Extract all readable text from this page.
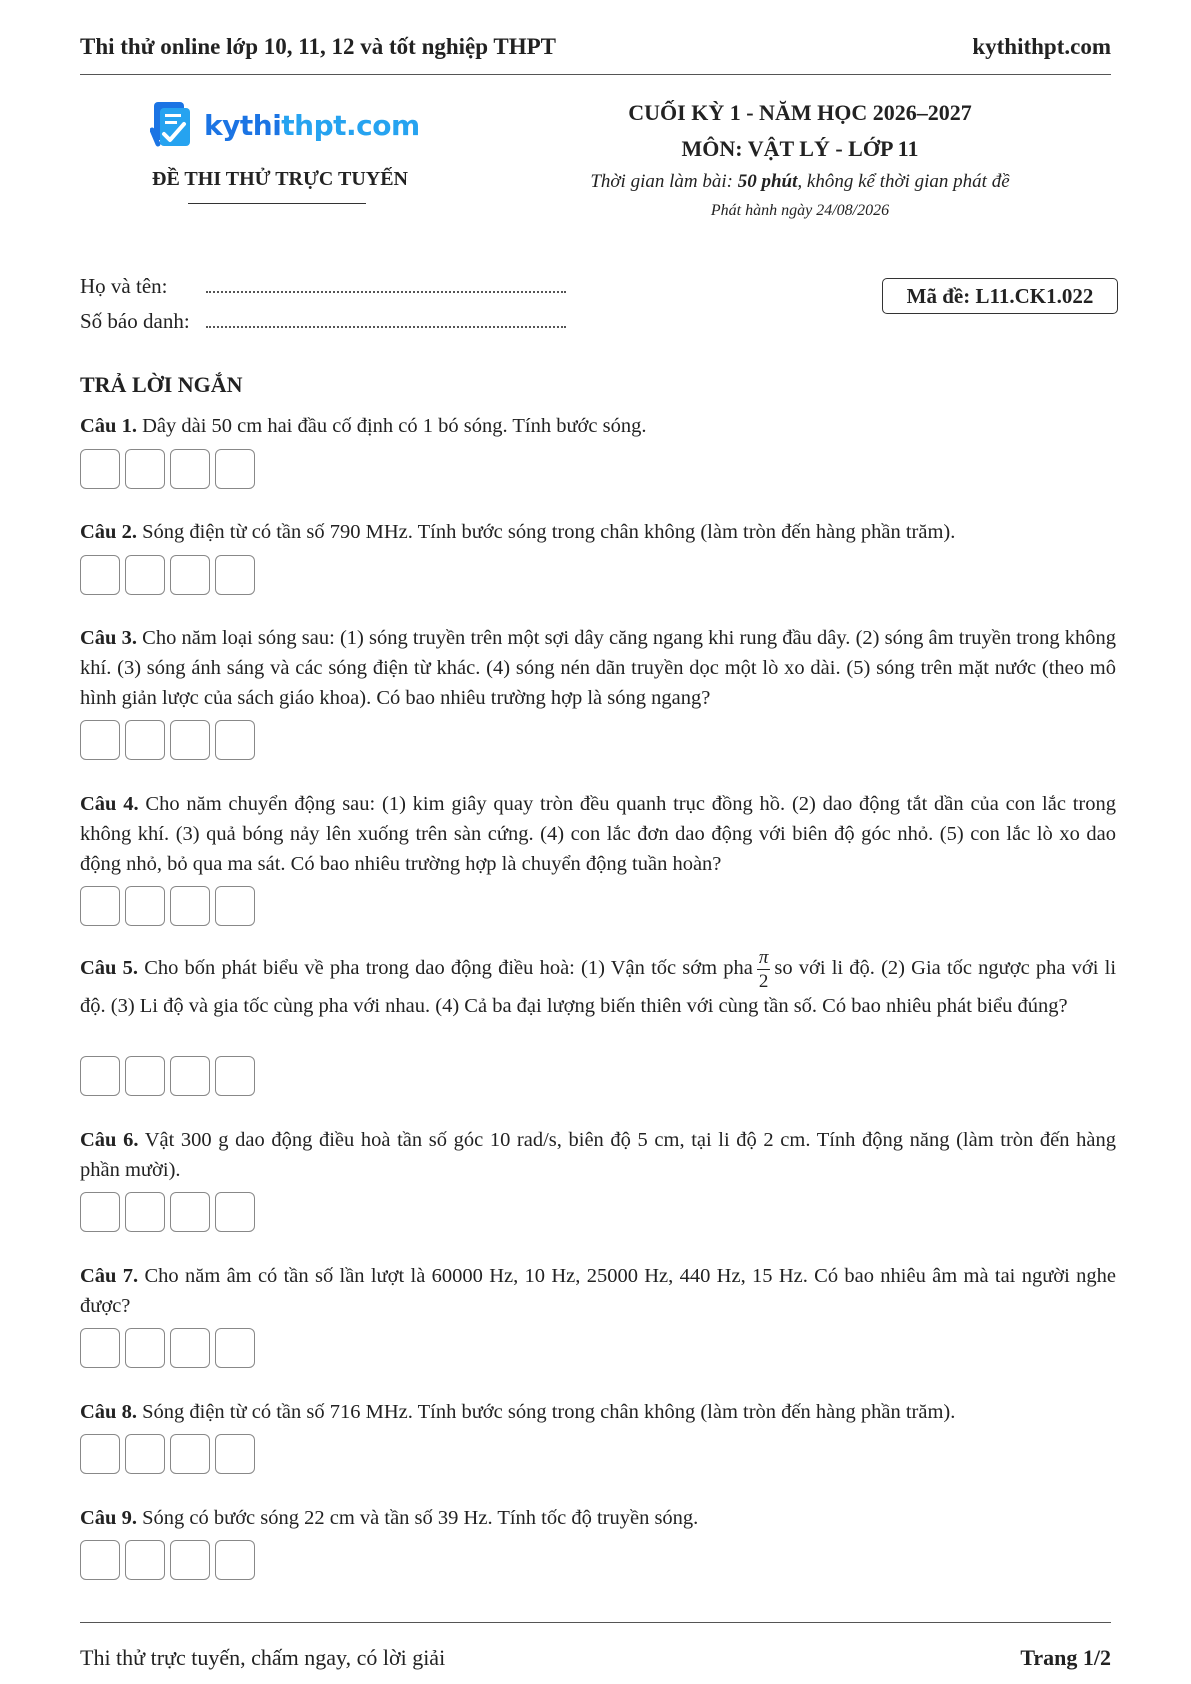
Thi thử online lớp 10, 11, 12 và tốt nghiệp THPT	kythithpt.com
kythithpt.com
ĐỀ THI THỬ TRỰC TUYẾN
CUỐI KỲ 1 - NĂM HỌC 2026–2027
MÔN: VẬT LÝ - LỚP 11
Thời gian làm bài: 50 phút, không kể thời gian phát đề
Phát hành ngày 24/08/2026
Họ và tên:
Số báo danh:
Mã đề: L11.CK1.022
TRẢ LỜI NGẮN
Câu 1. Dây dài 50 cm hai đầu cố định có 1 bó sóng. Tính bước sóng.
Câu 2. Sóng điện từ có tần số 790 MHz. Tính bước sóng trong chân không (làm tròn đến hàng phần trăm).
Câu 3. Cho năm loại sóng sau: (1) sóng truyền trên một sợi dây căng ngang khi rung đầu dây. (2) sóng âm truyền trong không khí. (3) sóng ánh sáng và các sóng điện từ khác. (4) sóng nén dãn truyền dọc một lò xo dài. (5) sóng trên mặt nước (theo mô hình giản lược của sách giáo khoa). Có bao nhiêu trường hợp là sóng ngang?
Câu 4. Cho năm chuyển động sau: (1) kim giây quay tròn đều quanh trục đồng hồ. (2) dao động tắt dần của con lắc trong không khí. (3) quả bóng nảy lên xuống trên sàn cứng. (4) con lắc đơn dao động với biên độ góc nhỏ. (5) con lắc lò xo dao động nhỏ, bỏ qua ma sát. Có bao nhiêu trường hợp là chuyển động tuần hoàn?
Câu 5. Cho bốn phát biểu về pha trong dao động điều hoà: (1) Vận tốc sớm pha $\frac{\pi}{2}$ so với li độ. (2) Gia tốc ngược pha với li độ. (3) Li độ và gia tốc cùng pha với nhau. (4) Cả ba đại lượng biến thiên với cùng tần số. Có bao nhiêu phát biểu đúng?
Câu 6. Vật 300 g dao động điều hoà tần số góc 10 rad/s, biên độ 5 cm, tại li độ 2 cm. Tính động năng (làm tròn đến hàng phần mười).
Câu 7. Cho năm âm có tần số lần lượt là 60000 Hz, 10 Hz, 25000 Hz, 440 Hz, 15 Hz. Có bao nhiêu âm mà tai người nghe được?
Câu 8. Sóng điện từ có tần số 716 MHz. Tính bước sóng trong chân không (làm tròn đến hàng phần trăm).
Câu 9. Sóng có bước sóng 22 cm và tần số 39 Hz. Tính tốc độ truyền sóng.
Thi thử trực tuyến, chấm ngay, có lời giải	Trang 1/2
